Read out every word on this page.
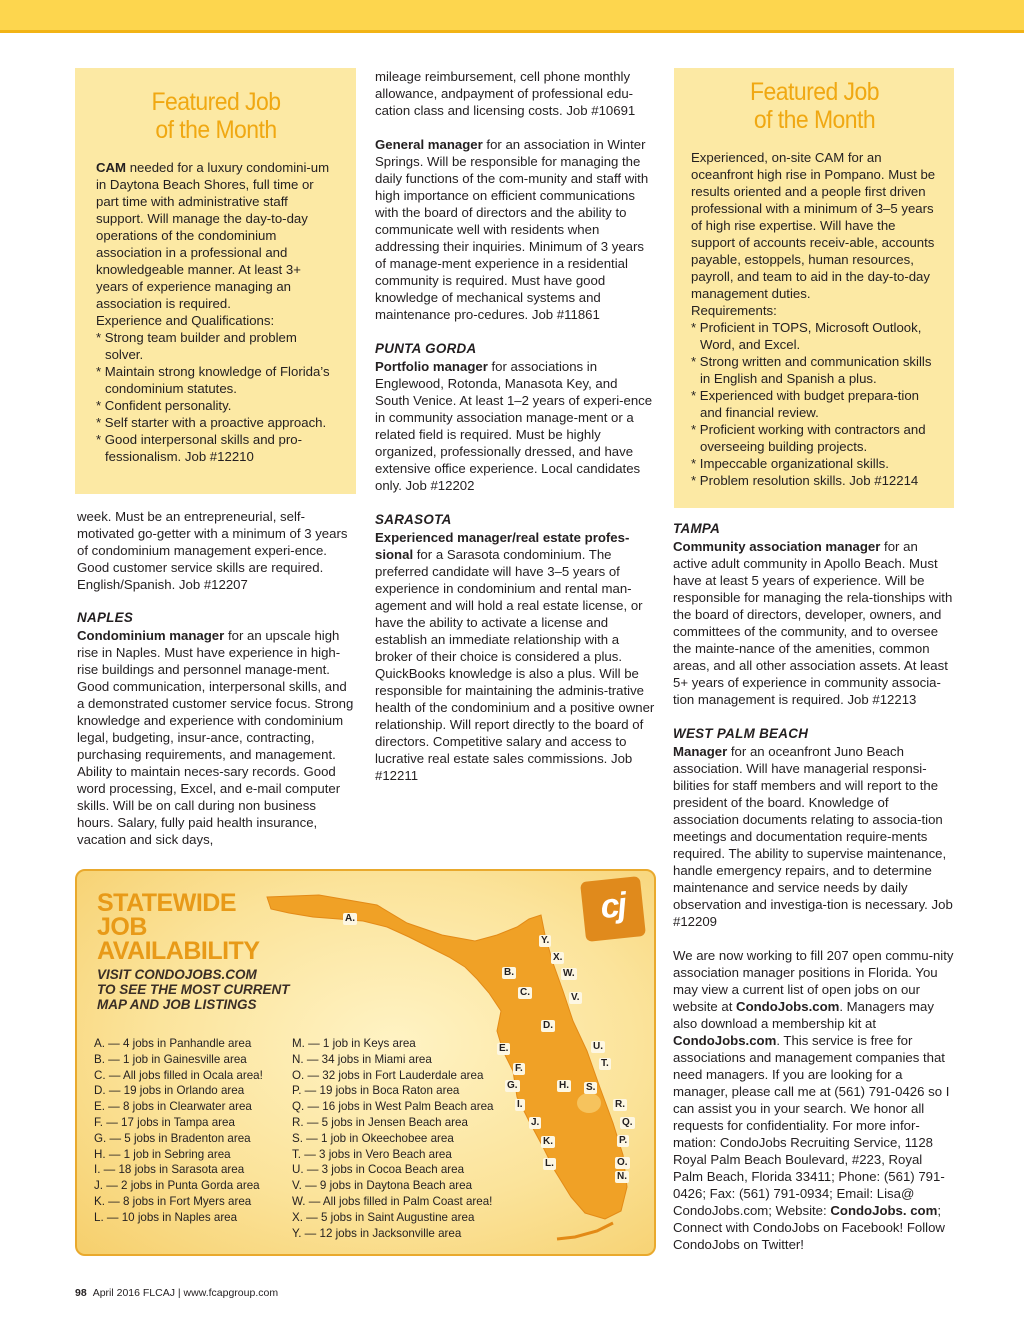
Featured Job
of the Month
CAM needed for a luxury condomini-um in Daytona Beach Shores, full time or part time with administrative staff support. Will manage the day-to-day operations of the condominium association in a professional and knowledgeable manner. At least 3+ years of experience managing an association is required.
Experience and Qualifications:
* Strong team builder and problem solver.
* Maintain strong knowledge of Florida’s condominium statutes.
* Confident personality.
* Self starter with a proactive approach.
* Good interpersonal skills and pro-fessionalism. Job #12210

week. Must be an entrepreneurial, self-motivated go-getter with a minimum of 3 years of condominium management experi-ence. Good customer service skills are required. English/Spanish. Job #12207

NAPLES

Condominium manager for an upscale high rise in Naples. Must have experience in high-rise buildings and personnel manage-ment. Good communication, interpersonal skills, and a demonstrated customer service focus. Strong knowledge and experience with condominium legal, budgeting, insur-ance, contracting, purchasing requirements, and management. Ability to maintain neces-sary records. Good word processing, Excel, and e-mail computer skills. Will be on call during non business hours. Salary, fully paid health insurance, vacation and sick days,

mileage reimbursement, cell phone monthly allowance, andpayment of professional edu-cation class and licensing costs. Job #10691

General manager for an association in Winter Springs. Will be responsible for managing the daily functions of the com-munity and staff with high importance on efficient communications with the board of directors and the ability to communicate well with residents when addressing their inquiries. Minimum of 3 years of manage-ment experience in a residential community is required. Must have good knowledge of mechanical systems and maintenance pro-cedures. Job #11861

PUNTA GORDA

Portfolio manager for associations in Englewood, Rotonda, Manasota Key, and South Venice. At least 1–2 years of experi-ence in community association manage-ment or a related field is required. Must be highly organized, professionally dressed, and have extensive office experience. Local candidates only. Job #12202

SARASOTA

Experienced manager/real estate profes-sional for a Sarasota condominium. The preferred candidate will have 3–5 years of experience in condominium and rental man-agement and will hold a real estate license, or have the ability to activate a license and establish an immediate relationship with a broker of their choice is considered a plus. QuickBooks knowledge is also a plus. Will be responsible for maintaining the adminis-trative health of the condominium and a positive owner relationship. Will report directly to the board of directors. Competitive salary and access to lucrative real estate sales commissions. Job #12211

Featured Job
of the Month
Experienced, on-site CAM for an oceanfront high rise in Pompano. Must be results oriented and a people first driven professional with a minimum of 3–5 years of high rise expertise. Will have the support of accounts receiv-able, accounts payable, estoppels, human resources, payroll, and team to aid in the day-to-day management duties.
Requirements:
* Proficient in TOPS, Microsoft Outlook, Word, and Excel.
* Strong written and communication skills in English and Spanish a plus.
* Experienced with budget prepara-tion and financial review.
* Proficient working with contractors and overseeing building projects.
* Impeccable organizational skills.
* Problem resolution skills. Job #12214
TAMPA

Community association manager for an active adult community in Apollo Beach. Must have at least 5 years of experience. Will be responsible for managing the rela-tionships with the board of directors, developer, owners, and committees of the community, and to oversee the mainte-nance of the amenities, common areas, and all other association assets. At least 5+ years of experience in community associa-tion management is required. Job #12213

WEST PALM BEACH

Manager for an oceanfront Juno Beach association. Will have managerial responsi-bilities for staff members and will report to the president of the board. Knowledge of association documents relating to associa-tion meetings and documentation require-ments required. The ability to supervise maintenance, handle emergency repairs, and to determine maintenance and service needs by daily observation and investiga-tion is necessary. Job #12209

We are now working to fill 207 open commu-nity association manager positions in Florida. You may view a current list of open jobs on our website at CondoJobs.com. Managers may also download a membership kit at CondoJobs.com. This service is free for associations and management companies that need managers. If you are looking for a manager, please call me at (561) 791-0426 so I can assist you in your search. We honor all requests for confidentiality. For more infor-mation: CondoJobs Recruiting Service, 1128 Royal Palm Beach Boulevard, #223, Royal Palm Beach, Florida 33411; Phone: (561) 791-0426; Fax: (561) 791-0934; Email: Lisa@ CondoJobs.com; Website: CondoJobs. com; Connect with CondoJobs on Facebook! Follow CondoJobs on Twitter!

STATEWIDE
JOB
AVAILABILITY
VISIT CONDOJOBS.COM
TO SEE THE MOST CURRENT
MAP AND JOB LISTINGS
cj
A.
B.
C.
D.
E.
F.
G.	H.
I.
J.
K.
L.
N.
O.
P.
Q.
R.
S.
T.
U.
V.
W.
X.
Y.
A. — 4 jobs in Panhandle area
B. — 1 job in Gainesville area
C. — All jobs filled in Ocala area!
D. — 19 jobs in Orlando area
E. — 8 jobs in Clearwater area
F. — 17 jobs in Tampa area
G. — 5 jobs in Bradenton area
H. — 1 job in Sebring area
I. — 18 jobs in Sarasota area
J. — 2 jobs in Punta Gorda area
K. — 8 jobs in Fort Myers area
L. — 10 jobs in Naples area
M. — 1 job in Keys area
N. — 34 jobs in Miami area
O. — 32 jobs in Fort Lauderdale area
P. — 19 jobs in Boca Raton area
Q. — 16 jobs in West Palm Beach area
R. — 5 jobs in Jensen Beach area
S. — 1 job in Okeechobee area
T. — 3 jobs in Vero Beach area
U. — 3 jobs in Cocoa Beach area
V. — 9 jobs in Daytona Beach area
W. — All jobs filled in Palm Coast area!
X. — 5 jobs in Saint Augustine area
Y. — 12 jobs in Jacksonville area
98 April 2016 FLCAJ | www.fcapgroup.com
